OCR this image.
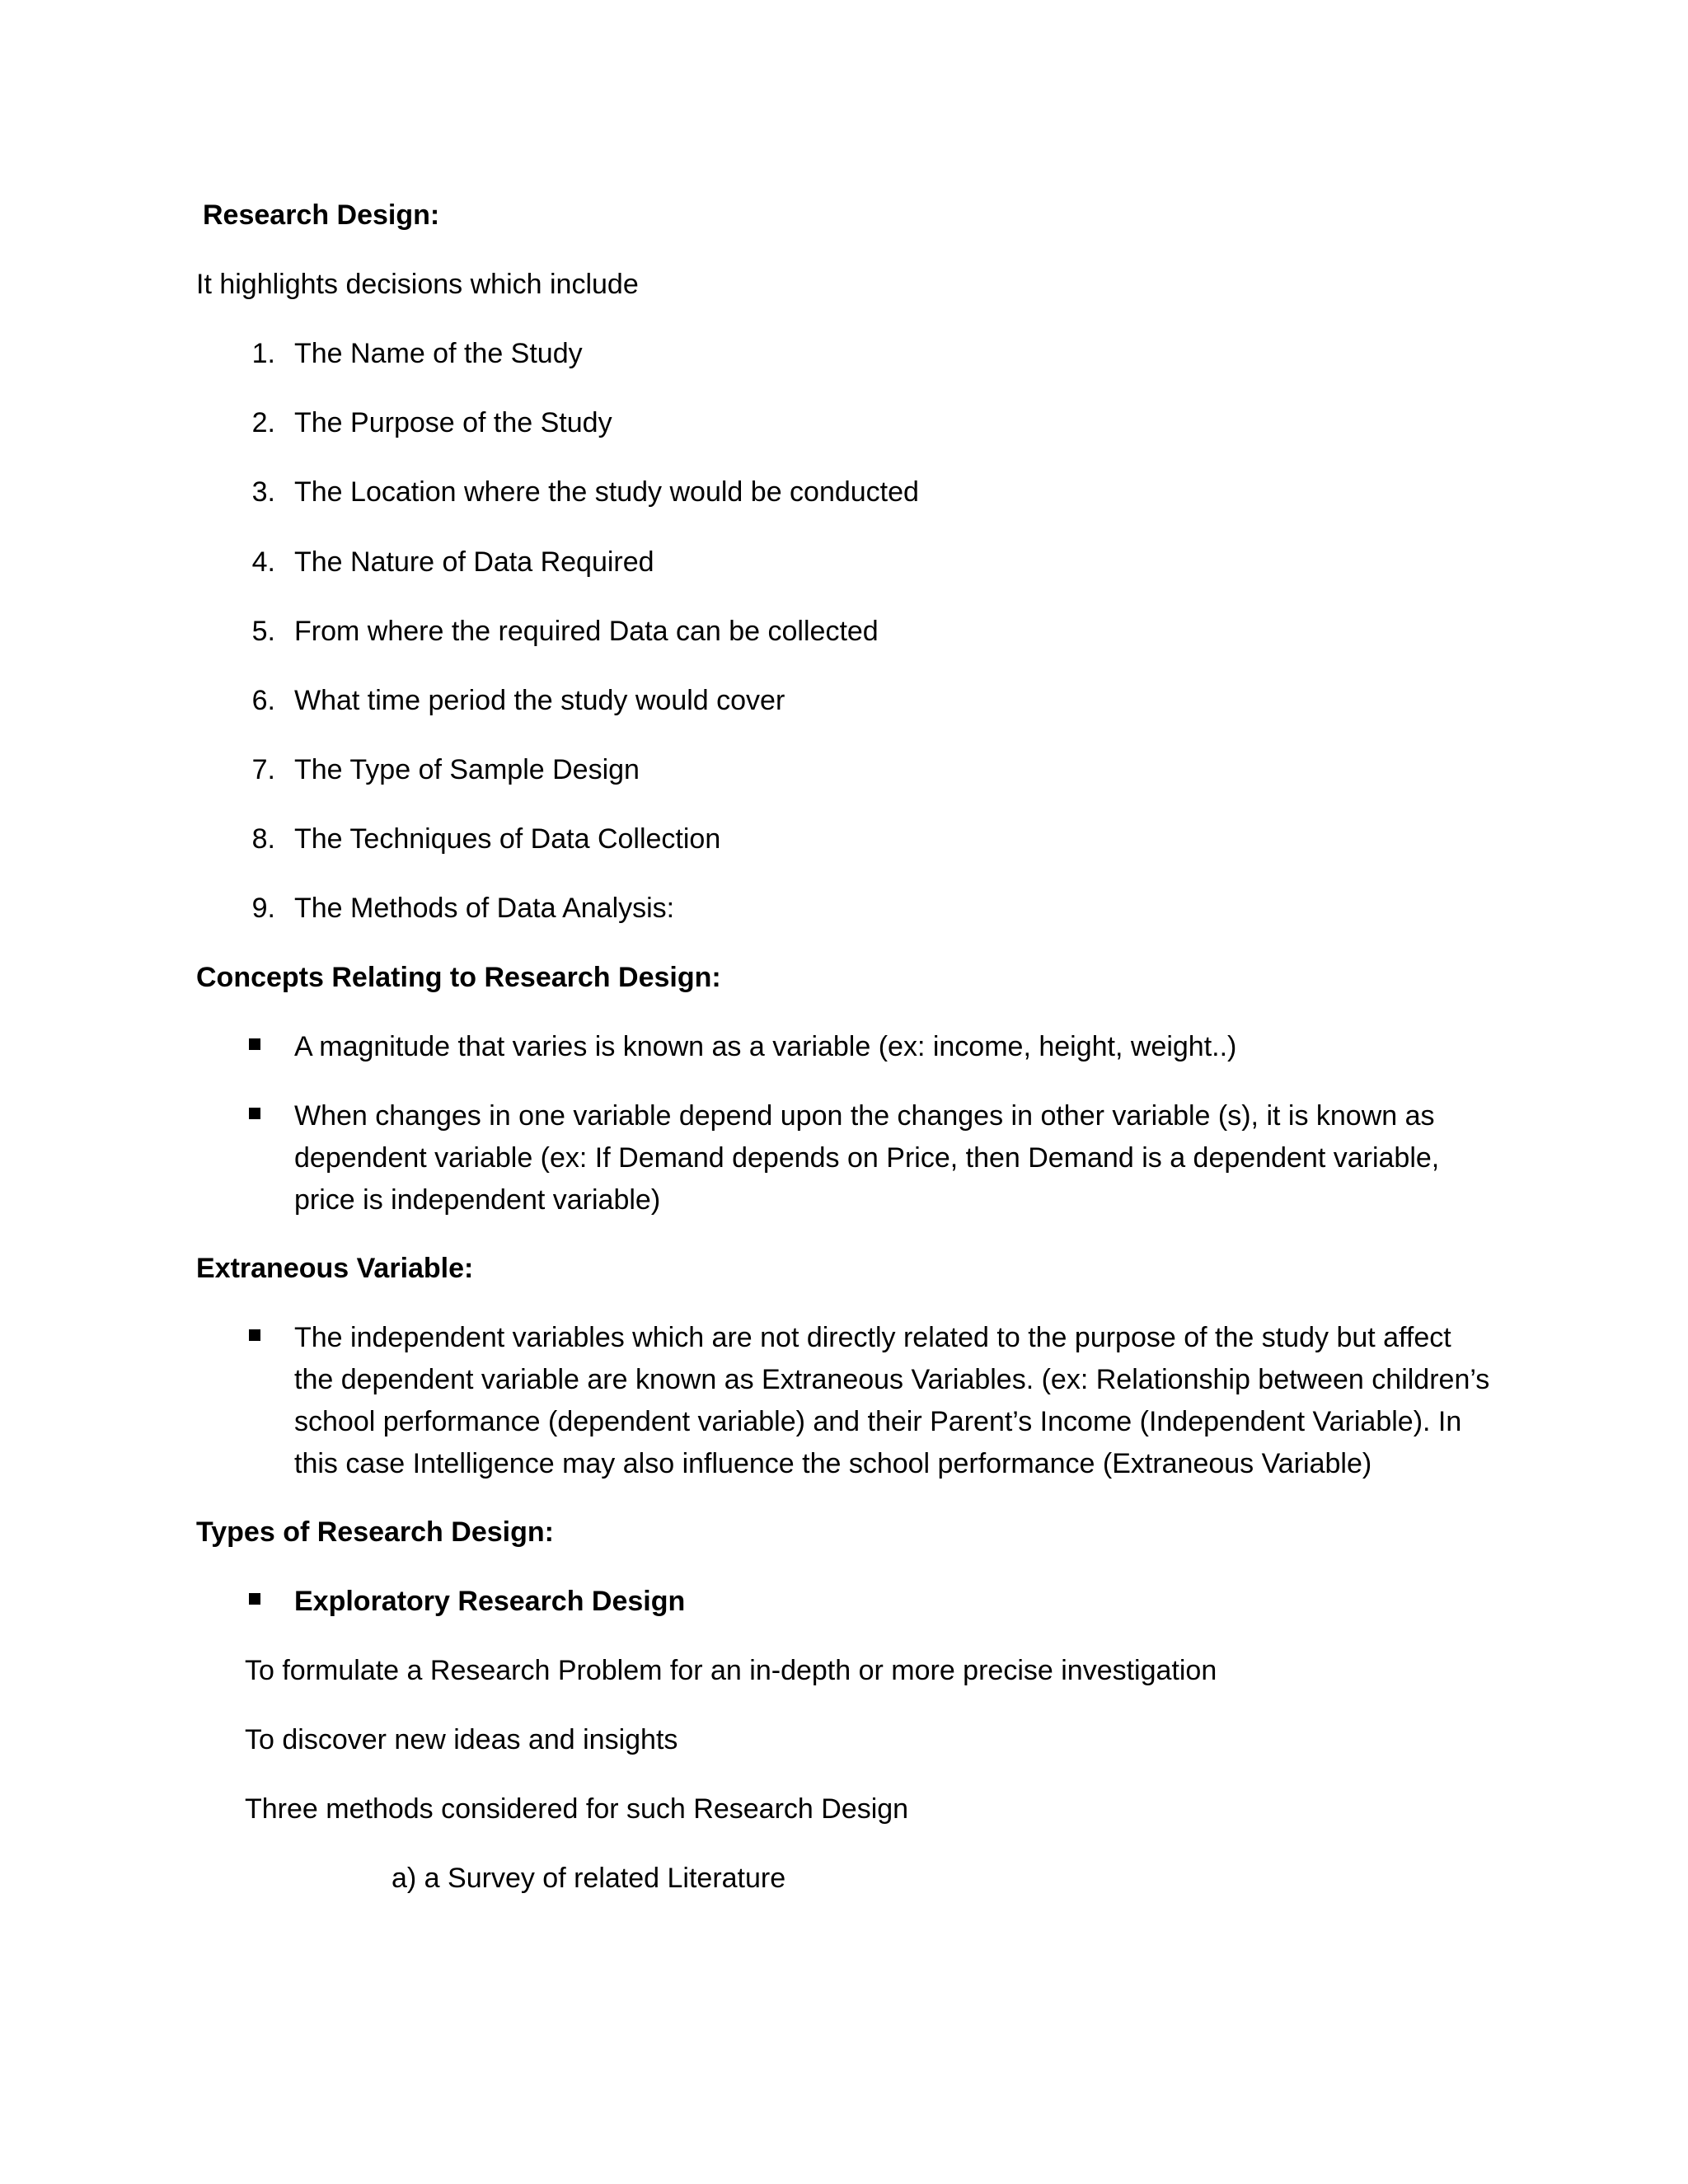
Research Design:
It highlights decisions which include
1. The Name of the Study
2. The Purpose of the Study
3. The Location where the study would be conducted
4. The Nature of Data Required
5. From where the required Data can be collected
6. What time period the study would cover
7. The Type of Sample Design
8. The Techniques of Data Collection
9. The Methods of Data Analysis:
Concepts Relating to Research Design:
A magnitude that varies is known as a variable (ex: income, height, weight..)
When changes in one variable depend upon the changes in other variable (s), it is known as
dependent variable (ex: If Demand depends on Price, then Demand is a dependent variable,
price is independent variable)
Extraneous Variable:
The independent variables which are not directly related to the purpose of the study but affect
the dependent variable are known as Extraneous Variables. (ex: Relationship between children’s
school performance (dependent variable) and their Parent’s Income (Independent Variable). In
this case Intelligence may also influence the school performance (Extraneous Variable)
Types of Research Design:
Exploratory Research Design
To formulate a Research Problem for an in-depth or more precise investigation
To discover new ideas and insights
Three methods considered for such Research Design
a) a Survey of related Literature
